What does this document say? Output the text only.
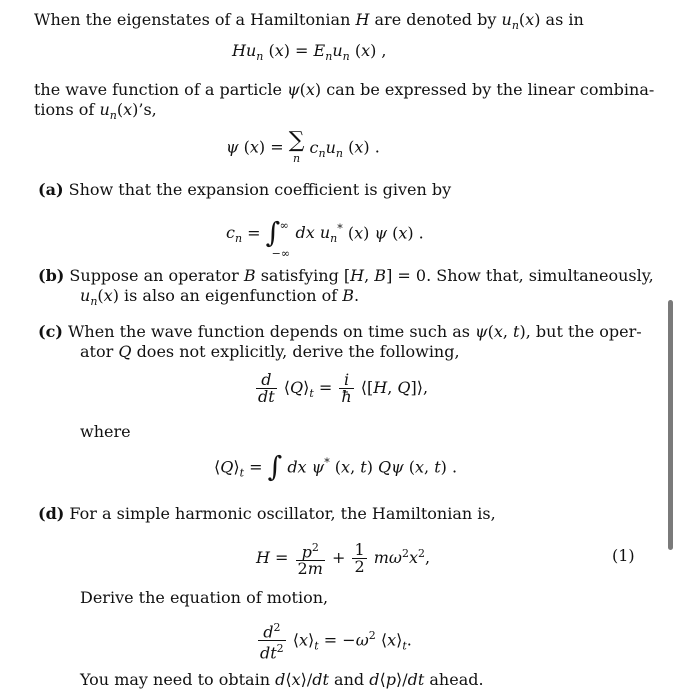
When the eigenstates of a Hamiltonian H are denoted by $u_n(x)$ as in
$Hu_n$ $(x) = E_nu_n$ (x) ,
the wave function of a particle ψ(x) can be expressed by the linear combina-
tions of $u_n(x)’s$,
ψ (x) = ∑
n
$c_nu_n$ (x) .
(a) Show that the expansion coefficient is given by
$c_n$ = ∫ ∞
−∞
dx $u_n^*$ (x) ψ (x) .
(b) Suppose an operator B satisfying [H, B] = 0. Show that, simultaneously,
$u_n(x)$ is also an eigenfunction of B.
(c) When the wave function depends on time such as ψ(x, t), but the oper-
ator Q does not explicitly, derive the following,
$\frac{d}{dt}$ $⟨Q⟩_t = \frac{i}{ħ}$ ⟨[H, Q]⟩,
where
$⟨Q⟩_t$ = ∫ dx ψ* (x, t) Qψ (x, t) .
(d) For a simple harmonic oscillator, the Hamiltonian is,
$H = \frac{p^2}{2m} + \frac{1}{2} m\omega^2x^2$,	(1)
Derive the equation of motion,
$\frac{d^2}{dt^2}$ $⟨x⟩_t = -\omega^2$ $⟨x⟩_t$.
You may need to obtain d⟨x⟩/dt and d⟨p⟩/dt ahead.
